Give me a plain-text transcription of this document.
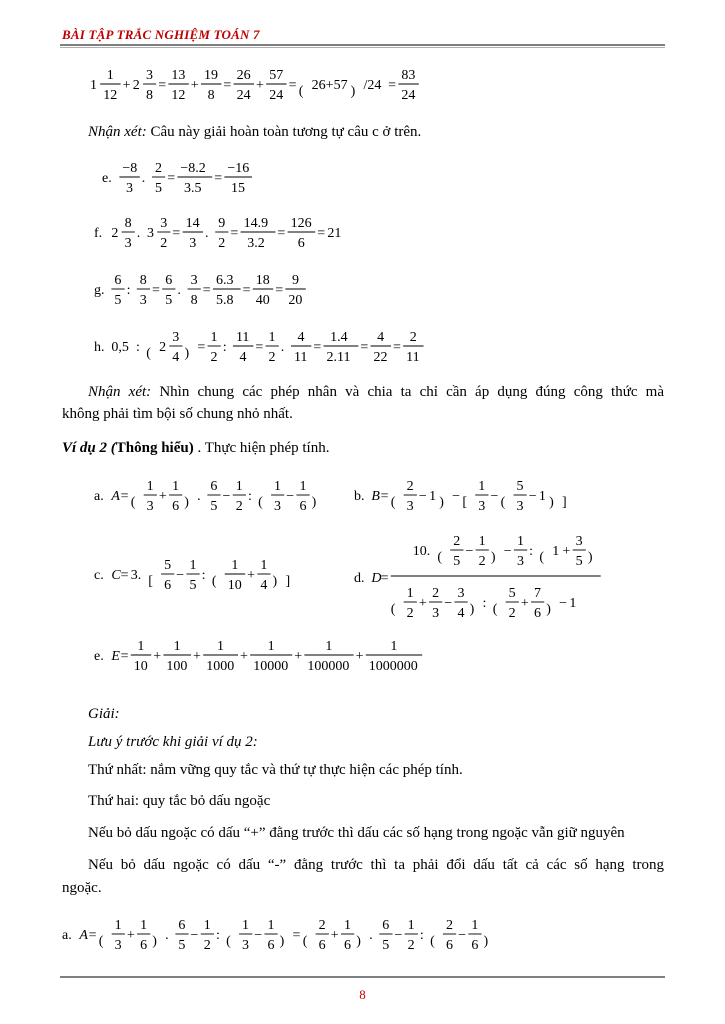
BÀI TẬP TRẮC NGHIỆM TOÁN 7
1
1
12
+ 2
3
8
=
13
12
+
19
8
=
26
24
+
57
24
= ( 26+57 ) /24 =
83
24
Nhận xét: Câu này giải hoàn toàn tương tự câu c ở trên.
e.
−8
3
.
2
5
=
−8.2
3.5
=
−16
15
f. 2
8
3
. 3
3
2
=
14
3
.
9
2
=
14.9
3.2
=
126
6
= 21
g.
6
5
:
8
3
=
6
5
.
3
8
=
6.3
5.8
=
18
40
=
9
20
h. 0,5 : ( 2
3
4 ) =
1
2
:
11
4
=
1
2
.
4
11
=
1.4
2.11
=
4
22
=
2
11
Nhận xét: Nhìn chung các phép nhân và chia ta chỉ cần áp dụng đúng công thức mà
không phải tìm bội số chung nhỏ nhất.
Ví dụ 2 (Thông hiểu) . Thực hiện phép tính.
a. A = (
1
3
+
1
6 ) .
6
5
−
1
2
: (
1
3
−
1
6 )	b. B = (
2
3
− 1 ) − [
1
3
− (
5
3
− 1 ) ]
c. C = 3. [
5
6
−
1
5
: (
1
10
+
1
4 ) ]	d. D =
10. (
2
5
−
1
2 ) −
1
3
: ( 1 +
3
5 )
(
1
2
+
2
3
−
3
4 ) : (
5
2
+
7
6 ) − 1
e. E =
1
10
+
1
100
+
1
1000
+
1
10000
+
1
100000
+
1
1000000
Giải:
Lưu ý trước khi giải ví dụ 2:
Thứ nhất: nắm vững quy tắc và thứ tự thực hiện các phép tính.
Thứ hai: quy tắc bỏ dấu ngoặc
Nếu bỏ dấu ngoặc có dấu “+” đằng trước thì dấu các số hạng trong ngoặc vẫn giữ nguyên
Nếu bỏ dấu ngoặc có dấu “-” đằng trước thì ta phải đổi dấu tất cả các số hạng trong
ngoặc.
a. A = (
1
3
+
1
6 ) .
6
5
−
1
2
: (
1
3
−
1
6 ) = (
2
6
+
1
6 ) .
6
5
−
1
2
: (
2
6
−
1
6 )
8
